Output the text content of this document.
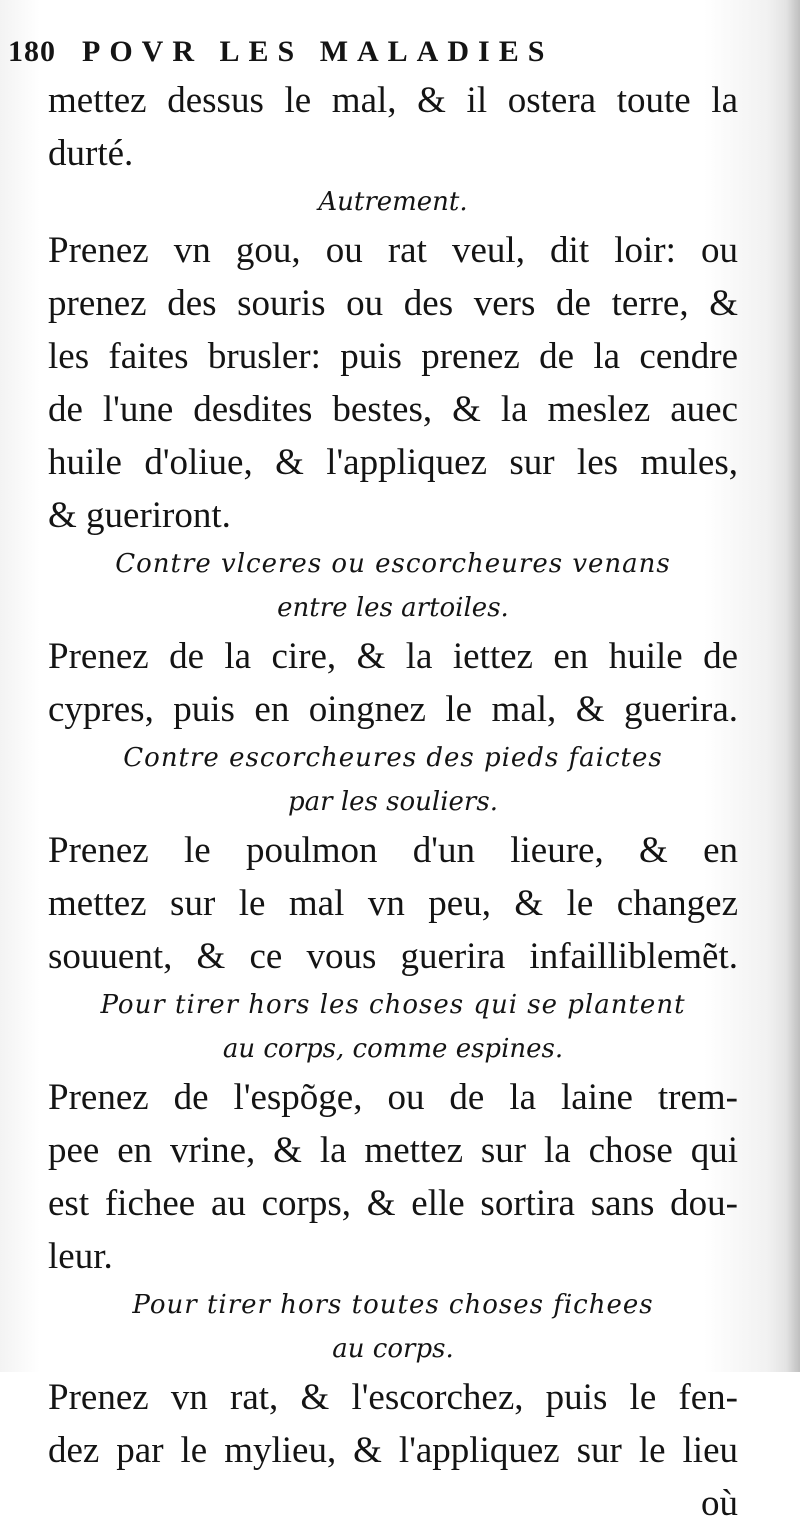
180 POVR LES MALADIES
mettez dessus le mal, & il ostera toute la
durté.
Autrement.
Prenez vn gou, ou rat veul, dit loir: ou
prenez des souris ou des vers de terre, &
les faites brusler: puis prenez de la cendre
de l'une desdites bestes, & la meslez auec
huile d'oliue, & l'appliquez sur les mules,
& gueriront.
Contre vlceres ou escorcheures venans
entre les artoiles.
Prenez de la cire, & la iettez en huile de
cypres, puis en oingnez le mal, & guerira.
Contre escorcheures des pieds faictes
par les souliers.
Prenez le poulmon d'un lieure, & en
mettez sur le mal vn peu, & le changez
souuent, & ce vous guerira infailliblemẽt.
Pour tirer hors les choses qui se plantent
au corps, comme espines.
Prenez de l'espõge, ou de la laine trem-
pee en vrine, & la mettez sur la chose qui
est fichee au corps, & elle sortira sans dou-
leur.
Pour tirer hors toutes choses fichees
au corps.
Prenez vn rat, & l'escorchez, puis le fen-
dez par le mylieu, & l'appliquez sur le lieu
où
